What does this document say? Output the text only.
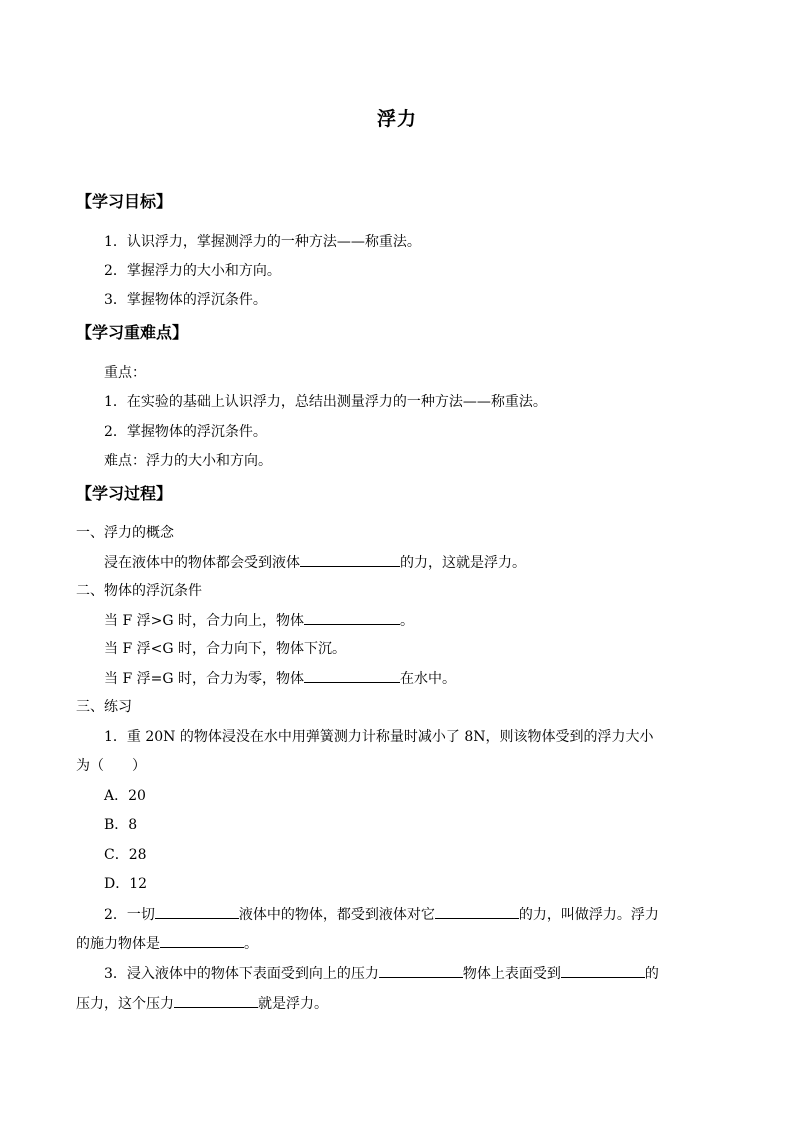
浮力
【学习目标】
1．认识浮力，掌握测浮力的一种方法——称重法。
2．掌握浮力的大小和方向。
3．掌握物体的浮沉条件。
【学习重难点】
重点：
1．在实验的基础上认识浮力，总结出测量浮力的一种方法——称重法。
2．掌握物体的浮沉条件。
难点：浮力的大小和方向。
【学习过程】
一、浮力的概念
浸在液体中的物体都会受到液体	的力，这就是浮力。
二、物体的浮沉条件
当 F 浮>G 时，合力向上，物体	。
当 F 浮<G 时，合力向下，物体下沉。
当 F 浮=G 时，合力为零，物体	在水中。
三、练习
1．重 20N 的物体浸没在水中用弹簧测力计称量时减小了 8N，则该物体受到的浮力大小
为（　　）
A．20
B．8
C．28
D．12
2．一切	液体中的物体，都受到液体对它	的力，叫做浮力。浮力
的施力物体是	。
3．浸入液体中的物体下表面受到向上的压力	物体上表面受到	的
压力，这个压力	就是浮力。
